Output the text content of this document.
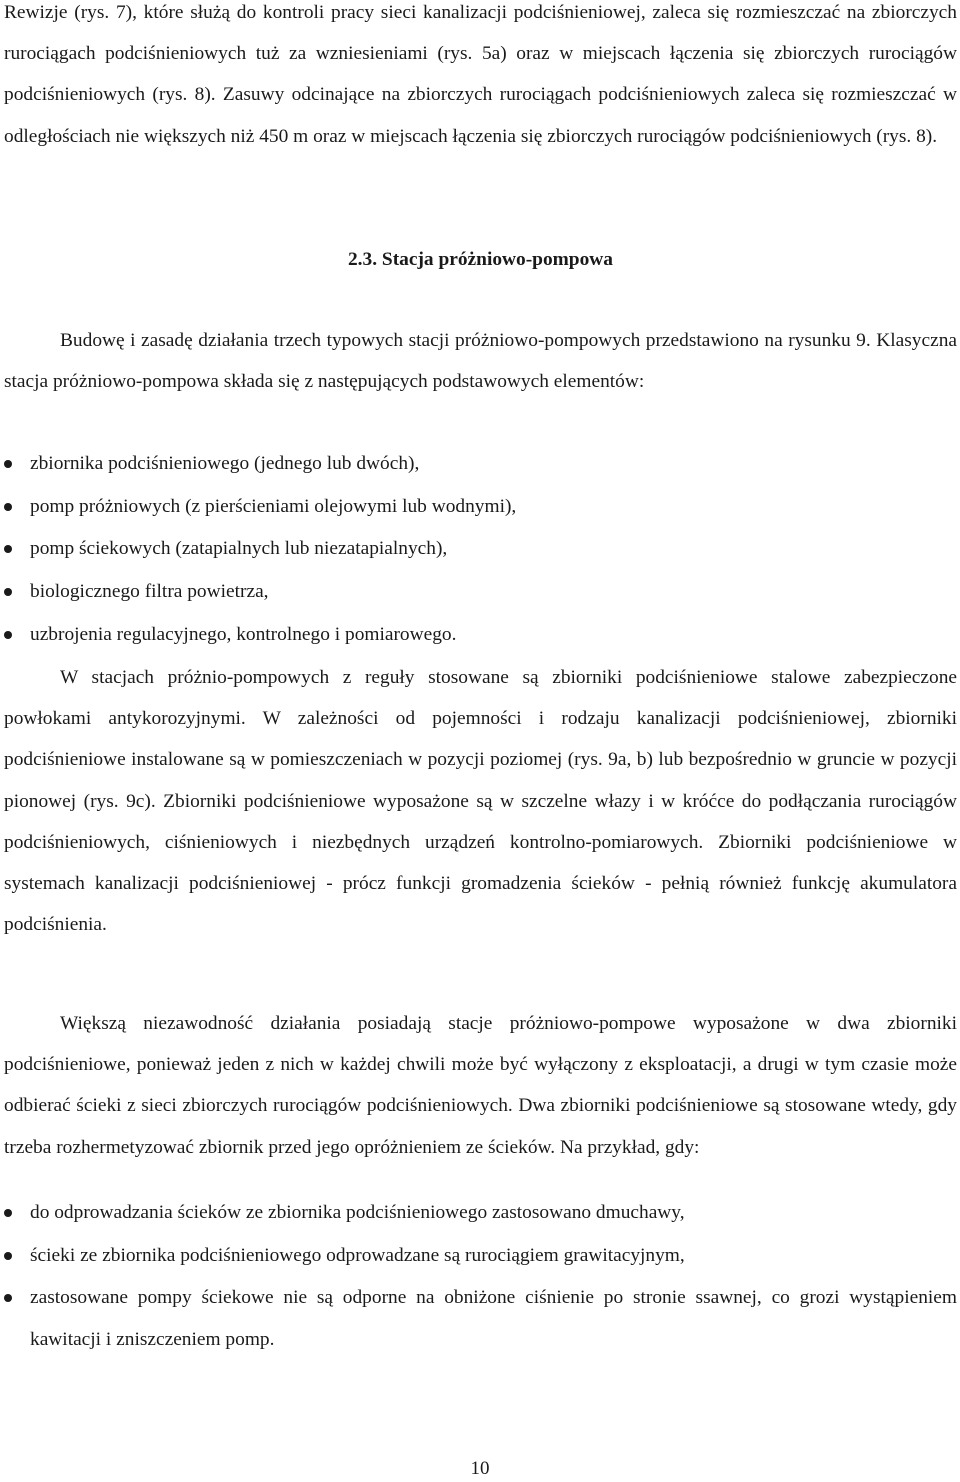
Rewizje (rys. 7), które służą do kontroli pracy sieci kanalizacji podciśnieniowej, zaleca się rozmieszczać na zbiorczych rurociągach podciśnieniowych tuż za wzniesieniami (rys. 5a) oraz w miejscach łączenia się zbiorczych rurociągów podciśnieniowych (rys. 8). Zasuwy odcinające na zbiorczych rurociągach podciśnieniowych zaleca się rozmieszczać w odległościach nie większych niż 450 m oraz w miejscach łączenia się zbiorczych rurociągów podciśnieniowych (rys. 8).

2.3. Stacja próżniowo-pompowa

Budowę i zasadę działania trzech typowych stacji próżniowo-pompowych przedstawiono na rysunku 9. Klasyczna stacja próżniowo-pompowa składa się z następujących podstawowych elementów:

zbiornika podciśnieniowego (jednego lub dwóch),
pomp próżniowych (z pierścieniami olejowymi lub wodnymi),
pomp ściekowych (zatapialnych lub niezatapialnych),
biologicznego filtra powietrza,
uzbrojenia regulacyjnego, kontrolnego i pomiarowego.

W stacjach próżnio-pompowych z reguły stosowane są zbiorniki podciśnieniowe stalowe zabezpieczone powłokami antykorozyjnymi. W zależności od pojemności i rodzaju kanalizacji podciśnieniowej, zbiorniki podciśnieniowe instalowane są w pomieszczeniach w pozycji poziomej (rys. 9a, b) lub bezpośrednio w gruncie w pozycji pionowej (rys. 9c). Zbiorniki podciśnieniowe wyposażone są w szczelne włazy i w króćce do podłączania rurociągów podciśnieniowych, ciśnieniowych i niezbędnych urządzeń kontrolno-pomiarowych. Zbiorniki podciśnieniowe w systemach kanalizacji podciśnieniowej - prócz funkcji gromadzenia ścieków - pełnią również funkcję akumulatora podciśnienia.

Większą niezawodność działania posiadają stacje próżniowo-pompowe wyposażone w dwa zbiorniki podciśnieniowe, ponieważ jeden z nich w każdej chwili może być wyłączony z eksploatacji, a drugi w tym czasie może odbierać ścieki z sieci zbiorczych rurociągów podciśnieniowych. Dwa zbiorniki podciśnieniowe są stosowane wtedy, gdy trzeba rozhermetyzować zbiornik przed jego opróżnieniem ze ścieków. Na przykład, gdy:

do odprowadzania ścieków ze zbiornika podciśnieniowego zastosowano dmuchawy,
ścieki ze zbiornika podciśnieniowego odprowadzane są rurociągiem grawitacyjnym,
zastosowane pompy ściekowe nie są odporne na obniżone ciśnienie po stronie ssawnej, co grozi wystąpieniem kawitacji i zniszczeniem pomp.
10
